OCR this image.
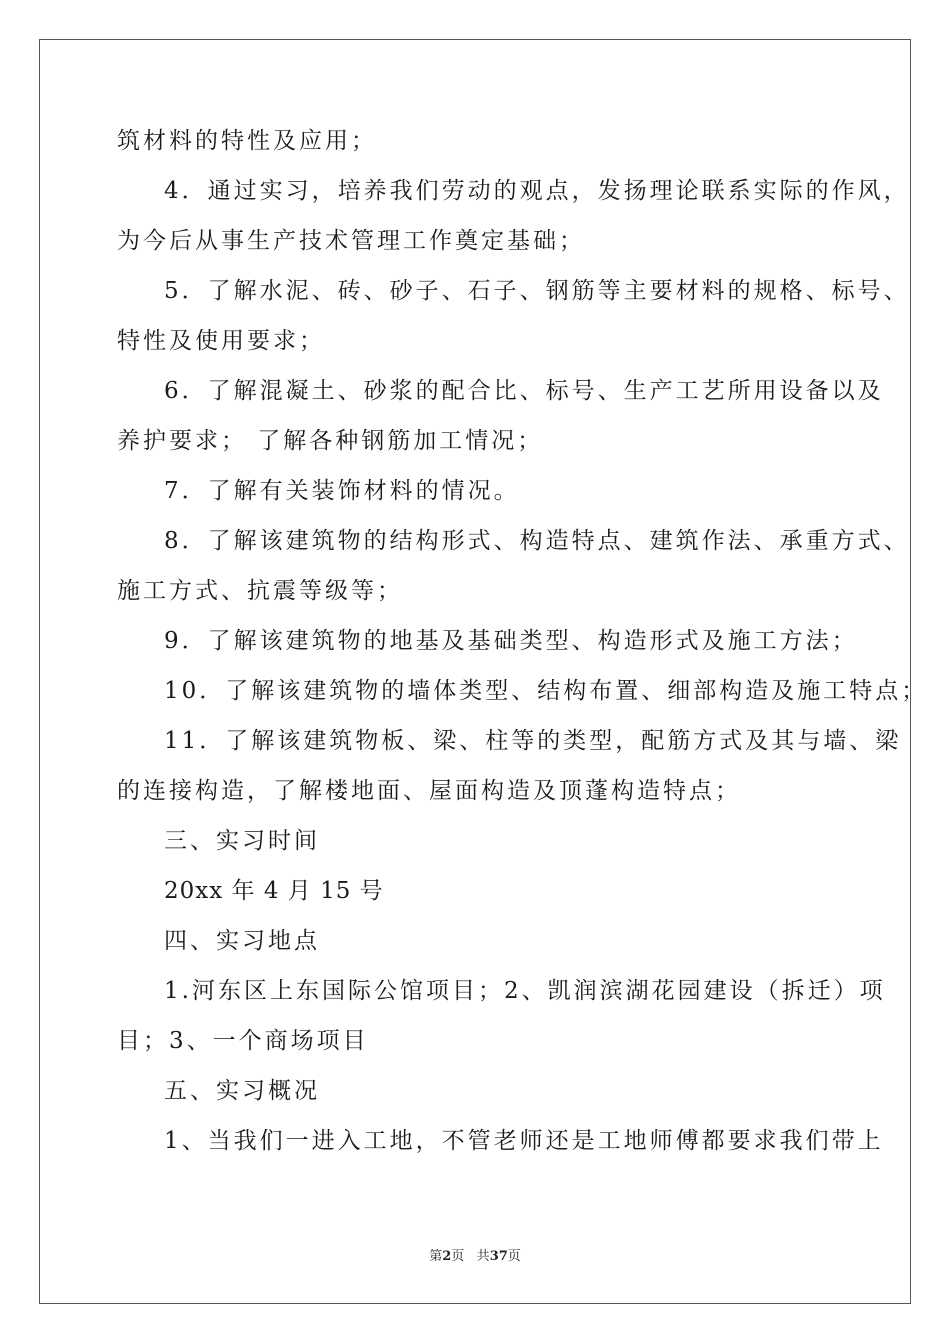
筑材料的特性及应用；
4．通过实习，培养我们劳动的观点，发扬理论联系实际的作风，
为今后从事生产技术管理工作奠定基础；
5．了解水泥、砖、砂子、石子、钢筋等主要材料的规格、标号、
特性及使用要求；
6．了解混凝土、砂浆的配合比、标号、生产工艺所用设备以及
养护要求； 了解各种钢筋加工情况；
7．了解有关装饰材料的情况。
8．了解该建筑物的结构形式、构造特点、建筑作法、承重方式、
施工方式、抗震等级等；
9．了解该建筑物的地基及基础类型、构造形式及施工方法；
10．了解该建筑物的墙体类型、结构布置、细部构造及施工特点；
11．了解该建筑物板、梁、柱等的类型，配筋方式及其与墙、梁
的连接构造，了解楼地面、屋面构造及顶蓬构造特点；
三、实习时间
20xx 年 4 月 15 号
四、实习地点
1.河东区上东国际公馆项目；2、凯润滨湖花园建设（拆迁）项
目；3、一个商场项目
五、实习概况
1、当我们一进入工地，不管老师还是工地师傅都要求我们带上
第2页 共37页
